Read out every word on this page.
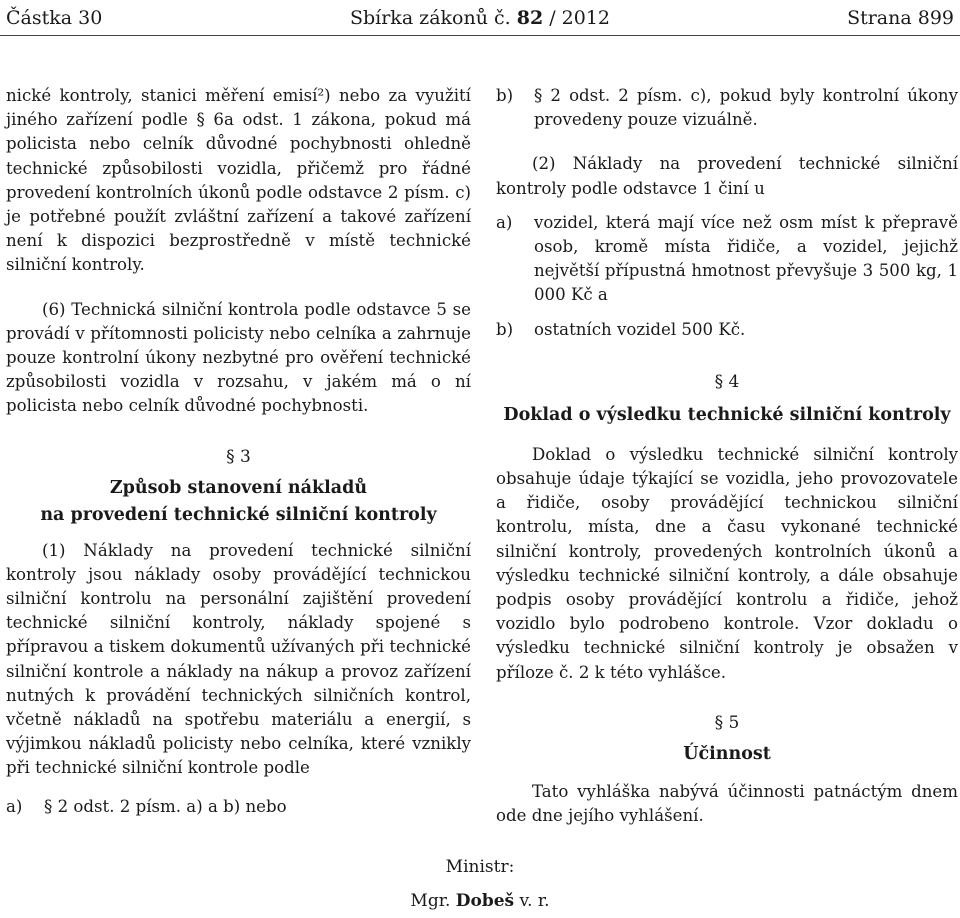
Částka 30	Sbírka zákonů č. 82 / 2012	Strana 899

nické kontroly, stanici měření emisí²) nebo za využití jiného zařízení podle § 6a odst. 1 zákona, pokud má policista nebo celník důvodné pochybnosti ohledně technické způsobilosti vozidla, přičemž pro řádné provedení kontrolních úkonů podle odstavce 2 písm. c) je potřebné použít zvláštní zařízení a takové zařízení není k dispozici bezprostředně v místě technické silniční kontroly.

(6) Technická silniční kontrola podle odstavce 5 se provádí v přítomnosti policisty nebo celníka a zahrnuje pouze kontrolní úkony nezbytné pro ověření technické způsobilosti vozidla v rozsahu, v jakém má o ní policista nebo celník důvodné pochybnosti.

§ 3

Způsob stanovení nákladů

na provedení technické silniční kontroly

(1) Náklady na provedení technické silniční kontroly jsou náklady osoby provádějící technickou silniční kontrolu na personální zajištění provedení technické silniční kontroly, náklady spojené s přípravou a tiskem dokumentů užívaných při technické silniční kontrole a náklady na nákup a provoz zařízení nutných k provádění technických silničních kontrol, včetně nákladů na spotřebu materiálu a energií, s výjimkou nákladů policisty nebo celníka, které vznikly při technické silniční kontrole podle

a) § 2 odst. 2 písm. a) a b) nebo

b) § 2 odst. 2 písm. c), pokud byly kontrolní úkony provedeny pouze vizuálně.

(2) Náklady na provedení technické silniční kontroly podle odstavce 1 činí u

a) vozidel, která mají více než osm míst k přepravě osob, kromě místa řidiče, a vozidel, jejichž největší přípustná hmotnost převyšuje 3 500 kg, 1 000 Kč a

b) ostatních vozidel 500 Kč.

§ 4

Doklad o výsledku technické silniční kontroly

Doklad o výsledku technické silniční kontroly obsahuje údaje týkající se vozidla, jeho provozovatele a řidiče, osoby provádějící technickou silniční kontrolu, místa, dne a času vykonané technické silniční kontroly, provedených kontrolních úkonů a výsledku technické silniční kontroly, a dále obsahuje podpis osoby provádějící kontrolu a řidiče, jehož vozidlo bylo podrobeno kontrole. Vzor dokladu o výsledku technické silniční kontroly je obsažen v příloze č. 2 k této vyhlášce.

§ 5

Účinnost

Tato vyhláška nabývá účinnosti patnáctým dnem ode dne jejího vyhlášení.

Ministr:
Mgr. Dobeš v. r.
